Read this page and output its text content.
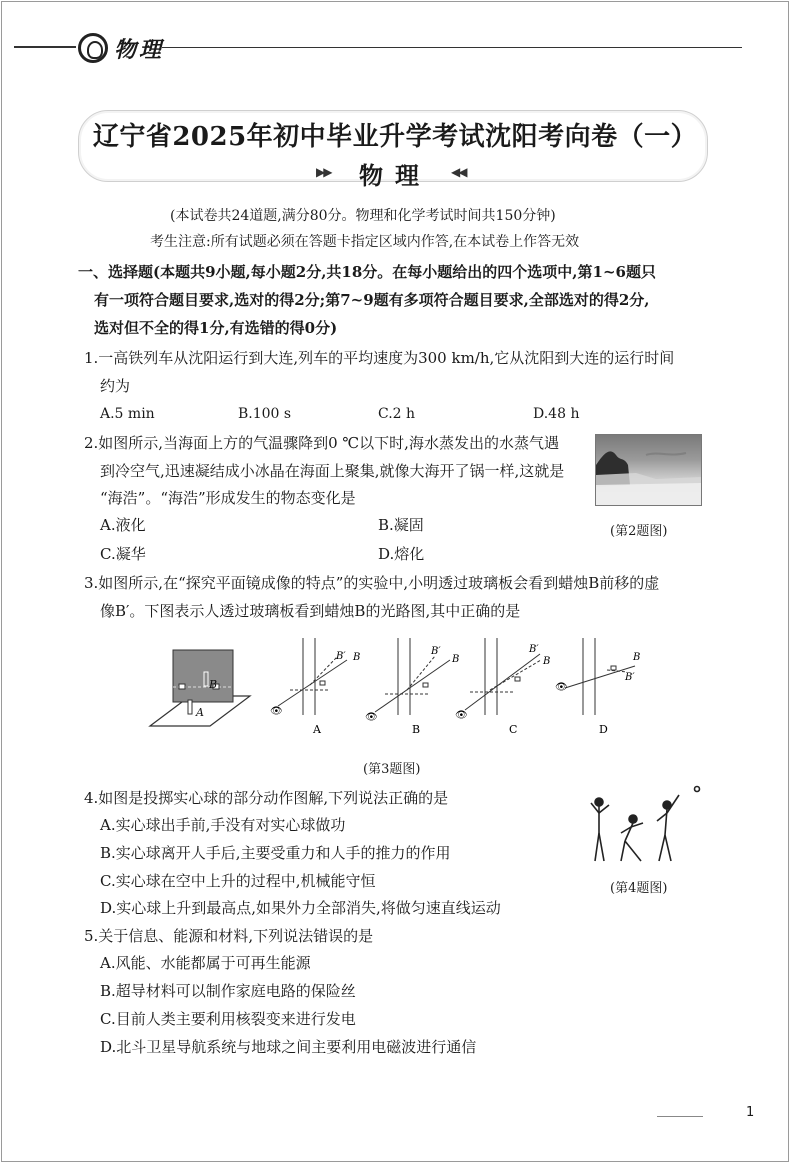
物理
辽宁省2025年初中毕业升学考试沈阳考向卷（一）
▶▶	物理	◀◀
(本试卷共24道题,满分80分。物理和化学考试时间共150分钟)
考生注意:所有试题必须在答题卡指定区域内作答,在本试卷上作答无效
一、选择题(本题共9小题,每小题2分,共18分。在每小题给出的四个选项中,第1~6题只
有一项符合题目要求,选对的得2分;第7~9题有多项符合题目要求,全部选对的得2分,
选对但不全的得1分,有选错的得0分)
1.一高铁列车从沈阳运行到大连,列车的平均速度为300 km/h,它从沈阳到大连的运行时间
约为
A.5 min	B.100 s	C.2 h	D.48 h
2.如图所示,当海面上方的气温骤降到0 ℃以下时,海水蒸发出的水蒸气遇
到冷空气,迅速凝结成小冰晶在海面上聚集,就像大海开了锅一样,这就是
“海浩”。“海浩”形成发生的物态变化是
A.液化	B.凝固
C.凝华	D.熔化
(第2题图)
3.如图所示,在“探究平面镜成像的特点”的实验中,小明透过玻璃板会看到蜡烛B前移的虚
像B′。下图表示人透过玻璃板看到蜡烛B的光路图,其中正确的是
B
A
B′ B
👁
A
B′
B
👁
B
B′
B
👁
C
B
B′
👁
D
(第3题图)
4.如图是投掷实心球的部分动作图解,下列说法正确的是
A.实心球出手前,手没有对实心球做功
B.实心球离开人手后,主要受重力和人手的推力的作用
C.实心球在空中上升的过程中,机械能守恒
D.实心球上升到最高点,如果外力全部消失,将做匀速直线运动
(第4题图)
5.关于信息、能源和材料,下列说法错误的是
A.风能、水能都属于可再生能源
B.超导材料可以制作家庭电路的保险丝
C.目前人类主要利用核裂变来进行发电
D.北斗卫星导航系统与地球之间主要利用电磁波进行通信
1
